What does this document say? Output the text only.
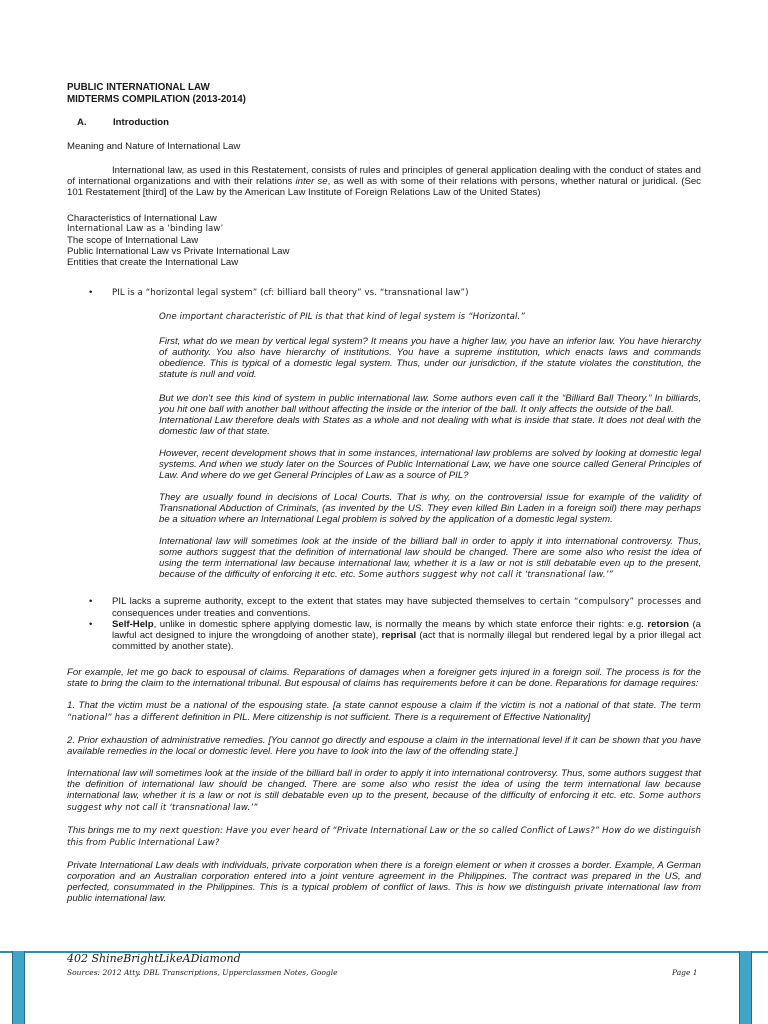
PUBLIC INTERNATIONAL LAW
MIDTERMS COMPILATION (2013-2014)
A.	Introduction

Meaning and Nature of International Law

International law, as used in this Restatement, consists of rules and principles of general application dealing with the conduct of states and of international organizations and with their relations inter se, as well as with some of their relations with persons, whether natural or juridical. (Sec 101 Restatement [third] of the Law by the American Law Institute of Foreign Relations Law of the United States)

Characteristics of International Law
International Law as a ‘binding law’
The scope of International Law
Public International Law vs Private International Law
Entities that create the International Law
• PIL is a “horizontal legal system” (cf: billiard ball theory” vs. “transnational law”)

One important characteristic of PIL is that that kind of legal system is “Horizontal.”

First, what do we mean by vertical legal system? It means you have a higher law, you have an inferior law. You have hierarchy of authority. You also have hierarchy of institutions. You have a supreme institution, which enacts laws and commands obedience. This is typical of a domestic legal system. Thus, under our jurisdiction, if the statute violates the constitution, the statute is null and void.

But we don’t see this kind of system in public international law. Some authors even call it the “Billiard Ball Theory.” In billiards, you hit one ball with another ball without affecting the inside or the interior of the ball. It only affects the outside of the ball.

International Law therefore deals with States as a whole and not dealing with what is inside that state. It does not deal with the domestic law of that state.

However, recent development shows that in some instances, international law problems are solved by looking at domestic legal systems. And when we study later on the Sources of Public International Law, we have one source called General Principles of Law. And where do we get General Principles of Law as a source of PIL?

They are usually found in decisions of Local Courts. That is why, on the controversial issue for example of the validity of Transnational Abduction of Criminals, (as invented by the US. They even killed Bin Laden in a foreign soil) there may perhaps be a situation where an International Legal problem is solved by the application of a domestic legal system.

International law will sometimes look at the inside of the billiard ball in order to apply it into international controversy. Thus, some authors suggest that the definition of international law should be changed. There are some also who resist the idea of using the term international law because international law, whether it is a law or not is still debatable even up to the present, because of the difficulty of enforcing it etc. etc. Some authors suggest why not call it ‘transnational law.’”

• PIL lacks a supreme authority, except to the extent that states may have subjected themselves to certain “compulsory” processes and consequences under treaties and conventions.
• Self-Help, unlike in domestic sphere applying domestic law, is normally the means by which state enforce their rights: e.g. retorsion (a lawful act designed to injure the wrongdoing of another state), reprisal (act that is normally illegal but rendered legal by a prior illegal act committed by another state).

For example, let me go back to espousal of claims. Reparations of damages when a foreigner gets injured in a foreign soil. The process is for the state to bring the claim to the international tribunal. But espousal of claims has requirements before it can be done. Reparations for damage requires:

1. That the victim must be a national of the espousing state. [a state cannot espouse a claim if the victim is not a national of that state. The term “national” has a different definition in PIL. Mere citizenship is not sufficient. There is a requirement of Effective Nationality]

2. Prior exhaustion of administrative remedies. [You cannot go directly and espouse a claim in the international level if it can be shown that you have available remedies in the local or domestic level. Here you have to look into the law of the offending state.]

International law will sometimes look at the inside of the billiard ball in order to apply it into international controversy. Thus, some authors suggest that the definition of international law should be changed. There are some also who resist the idea of using the term international law because international law, whether it is a law or not is still debatable even up to the present, because of the difficulty of enforcing it etc. etc. Some authors suggest why not call it ‘transnational law.’”

This brings me to my next question: Have you ever heard of “Private International Law or the so called Conflict of Laws?” How do we distinguish this from Public International Law?

Private International Law deals with individuals, private corporation when there is a foreign element or when it crosses a border. Example, A German corporation and an Australian corporation entered into a joint venture agreement in the Philippines. The contract was prepared in the US, and perfected, consummated in the Philippines. This is a typical problem of conflict of laws. This is how we distinguish private international law from public international law.

402 ShineBrightLikeADiamond
Sources: 2012 Atty. DBL Transcriptions, Upperclassmen Notes, Google	Page 1
